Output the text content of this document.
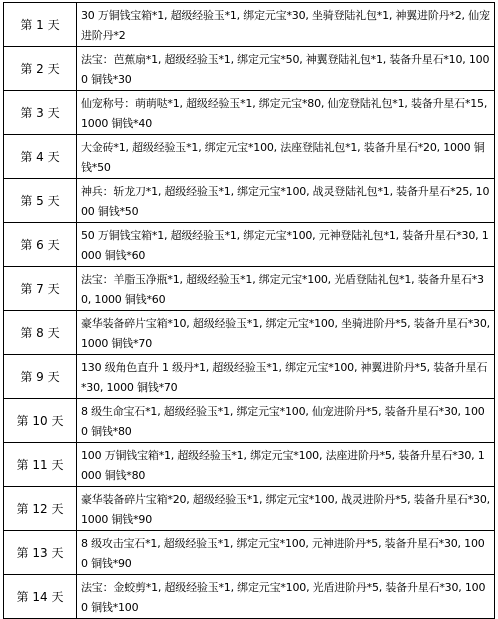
第 1 天	30 万铜钱宝箱*1, 超级经验玉*1, 绑定元宝*30, 坐骑登陆礼包*1, 神翼进阶丹*2, 仙宠进阶丹*2
第 2 天	法宝：芭蕉扇*1, 超级经验玉*1, 绑定元宝*50, 神翼登陆礼包*1, 装备升星石*10, 1000 铜钱*30
第 3 天	仙宠称号：萌萌哒*1, 超级经验玉*1, 绑定元宝*80, 仙宠登陆礼包*1, 装备升星石*15, 1000 铜钱*40
第 4 天	大金砖*1, 超级经验玉*1, 绑定元宝*100, 法座登陆礼包*1, 装备升星石*20, 1000 铜钱*50
第 5 天	神兵：斩龙刀*1, 超级经验玉*1, 绑定元宝*100, 战灵登陆礼包*1, 装备升星石*25, 1000 铜钱*50
第 6 天	50 万铜钱宝箱*1, 超级经验玉*1, 绑定元宝*100, 元神登陆礼包*1, 装备升星石*30, 1000 铜钱*60
第 7 天	法宝：羊脂玉净瓶*1, 超级经验玉*1, 绑定元宝*100, 光盾登陆礼包*1, 装备升星石*30, 1000 铜钱*60
第 8 天	豪华装备碎片宝箱*10, 超级经验玉*1, 绑定元宝*100, 坐骑进阶丹*5, 装备升星石*30, 1000 铜钱*70
第 9 天	130 级角色直升 1 级丹*1, 超级经验玉*1, 绑定元宝*100, 神翼进阶丹*5, 装备升星石*30, 1000 铜钱*70
第 10 天	8 级生命宝石*1, 超级经验玉*1, 绑定元宝*100, 仙宠进阶丹*5, 装备升星石*30, 1000 铜钱*80
第 11 天	100 万铜钱宝箱*1, 超级经验玉*1, 绑定元宝*100, 法座进阶丹*5, 装备升星石*30, 1000 铜钱*80
第 12 天	豪华装备碎片宝箱*20, 超级经验玉*1, 绑定元宝*100, 战灵进阶丹*5, 装备升星石*30, 1000 铜钱*90
第 13 天	8 级攻击宝石*1, 超级经验玉*1, 绑定元宝*100, 元神进阶丹*5, 装备升星石*30, 1000 铜钱*90
第 14 天	法宝：金蛟剪*1, 超级经验玉*1, 绑定元宝*100, 光盾进阶丹*5, 装备升星石*30, 1000 铜钱*100
